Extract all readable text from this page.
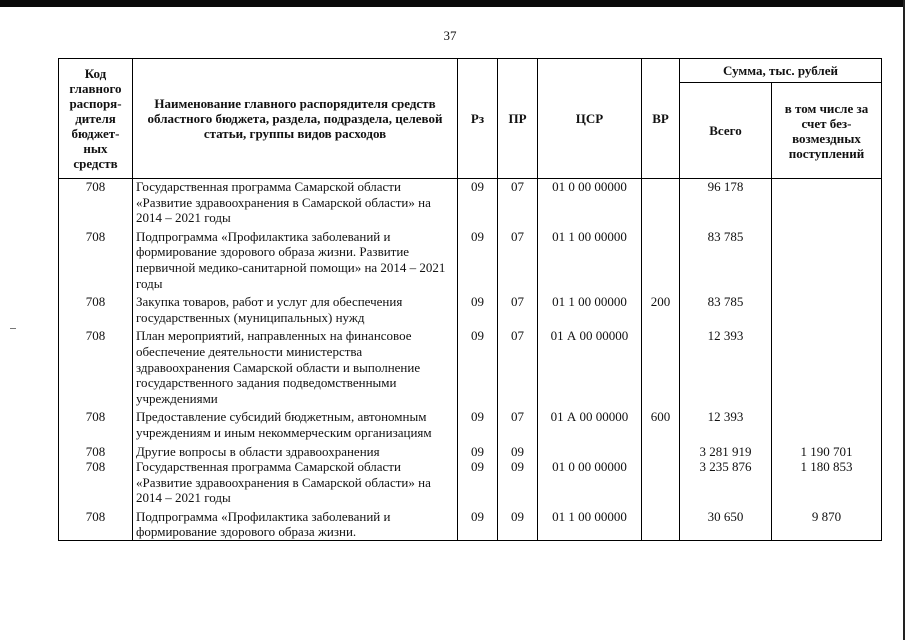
37
Код главного распоря-дителя бюджет-ных средств	Наименование главного распорядителя средств областного бюджета, раздела, подраздела, целевой статьи, группы видов расходов	Рз	ПР	ЦСР	ВР	Сумма, тыс. рублей	
						Всего	в том числе за счет без-возмездных поступлений
708	Государственная программа Самарской области «Развитие здравоохранения в Самарской области» на 2014 – 2021 годы	09	07	01 0 00 00000		96 178	
708	Подпрограмма «Профилактика заболеваний и формирование здорового образа жизни. Развитие первичной медико-санитарной помощи» на 2014 – 2021 годы	09	07	01 1 00 00000		83 785	
708	Закупка товаров, работ и услуг для обеспечения государственных (муниципальных) нужд	09	07	01 1 00 00000	200	83 785	
708	План мероприятий, направленных на финансовое обеспечение деятельности министерства здравоохранения Самарской области и выполнение государственного задания подведомственными учреждениями	09	07	01 А 00 00000		12 393	
708	Предоставление субсидий бюджетным, автономным учреждениям и иным некоммерческим организациям	09	07	01 А 00 00000	600	12 393	
708	Другие вопросы в области здравоохранения	09	09			3 281 919	1 190 701
708	Государственная программа Самарской области «Развитие здравоохранения в Самарской области» на 2014 – 2021 годы	09	09	01 0 00 00000		3 235 876	1 180 853
708	Подпрограмма «Профилактика заболеваний и формирование здорового образа жизни.	09	09	01 1 00 00000		30 650	9 870
